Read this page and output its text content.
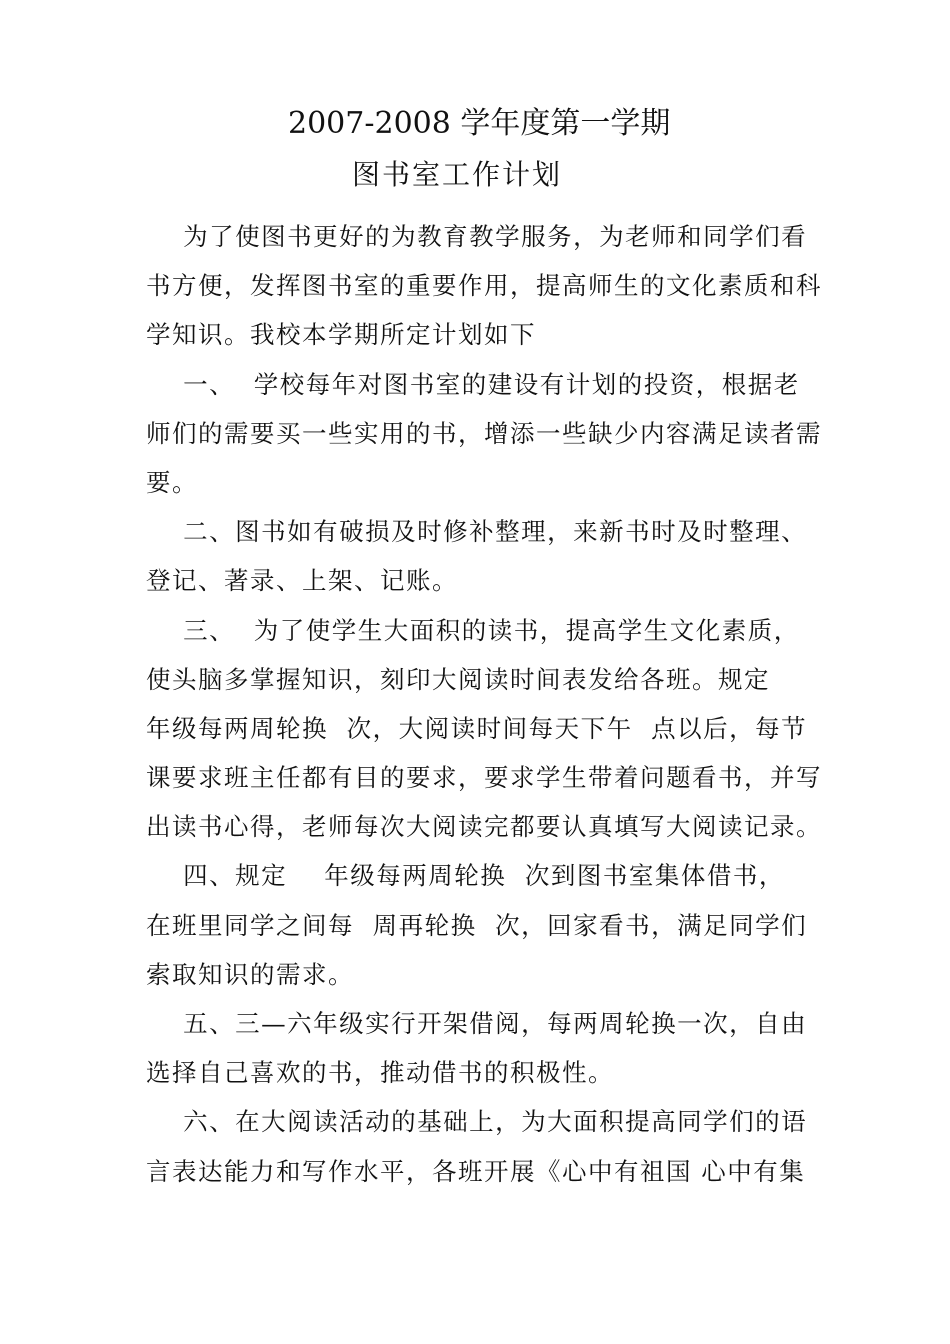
2007-2008 学年度第一学期
图书室工作计划
为了使图书更好的为教育教学服务，为老师和同学们看
书方便，发挥图书室的重要作用，提高师生的文化素质和科
学知识。我校本学期所定计划如下
一、  学校每年对图书室的建设有计划的投资，根据老
师们的需要买一些实用的书，增添一些缺少内容满足读者需
要。
二、图书如有破损及时修补整理，来新书时及时整理、
登记、著录、上架、记账。
三、  为了使学生大面积的读书，提高学生文化素质，
使头脑多掌握知识，刻印大阅读时间表发给各班。规定
年级每两周轮换  次，大阅读时间每天下午  点以后，每节
课要求班主任都有目的要求，要求学生带着问题看书，并写
出读书心得，老师每次大阅读完都要认真填写大阅读记录。
四、规定    年级每两周轮换  次到图书室集体借书，
在班里同学之间每  周再轮换  次，回家看书，满足同学们
索取知识的需求。
五、三—六年级实行开架借阅，每两周轮换一次，自由
选择自己喜欢的书，推动借书的积极性。
六、在大阅读活动的基础上，为大面积提高同学们的语
言表达能力和写作水平，各班开展《心中有祖国 心中有集
